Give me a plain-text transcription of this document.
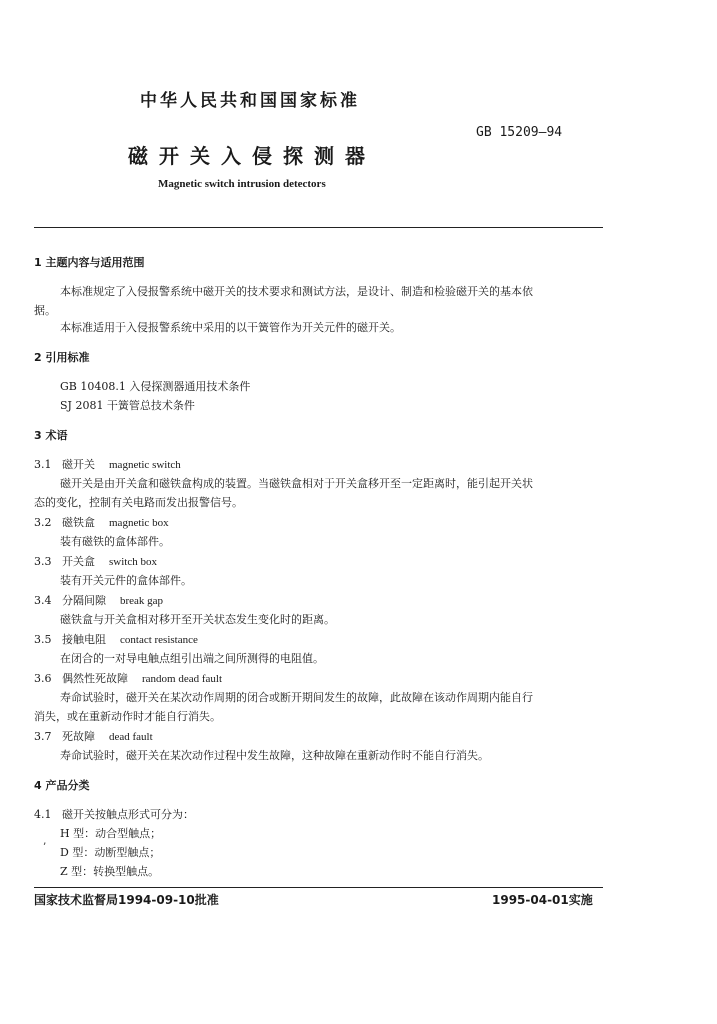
中华人民共和国国家标准
GB 15209—94
磁开关入侵探测器
Magnetic switch intrusion detectors
1 主题内容与适用范围
本标准规定了入侵报警系统中磁开关的技术要求和测试方法，是设计、制造和检验磁开关的基本依
据。
本标准适用于入侵报警系统中采用的以干簧管作为开关元件的磁开关。
2 引用标准
GB 10408.1 入侵探测器通用技术条件
SJ 2081 干簧管总技术条件
3 术语
3.1 磁开关 magnetic switch
磁开关是由开关盒和磁铁盒构成的装置。当磁铁盒相对于开关盒移开至一定距离时，能引起开关状
态的变化，控制有关电路而发出报警信号。
3.2 磁铁盒 magnetic box
装有磁铁的盒体部件。
3.3 开关盒 switch box
装有开关元件的盒体部件。
3.4 分隔间隙 break gap
磁铁盒与开关盒相对移开至开关状态发生变化时的距离。
3.5 接触电阻 contact resistance
在闭合的一对导电触点组引出端之间所测得的电阻值。
3.6 偶然性死故障 random dead fault
寿命试验时，磁开关在某次动作周期的闭合或断开期间发生的故障，此故障在该动作周期内能自行
消失，或在重新动作时才能自行消失。
3.7 死故障 dead fault
寿命试验时，磁开关在某次动作过程中发生故障，这种故障在重新动作时不能自行消失。
4 产品分类
4.1 磁开关按触点形式可分为：
H 型：动合型触点；
D 型：动断型触点；
Z 型：转换型触点。
’
国家技术监督局1994-09-10批准	1995-04-01实施
